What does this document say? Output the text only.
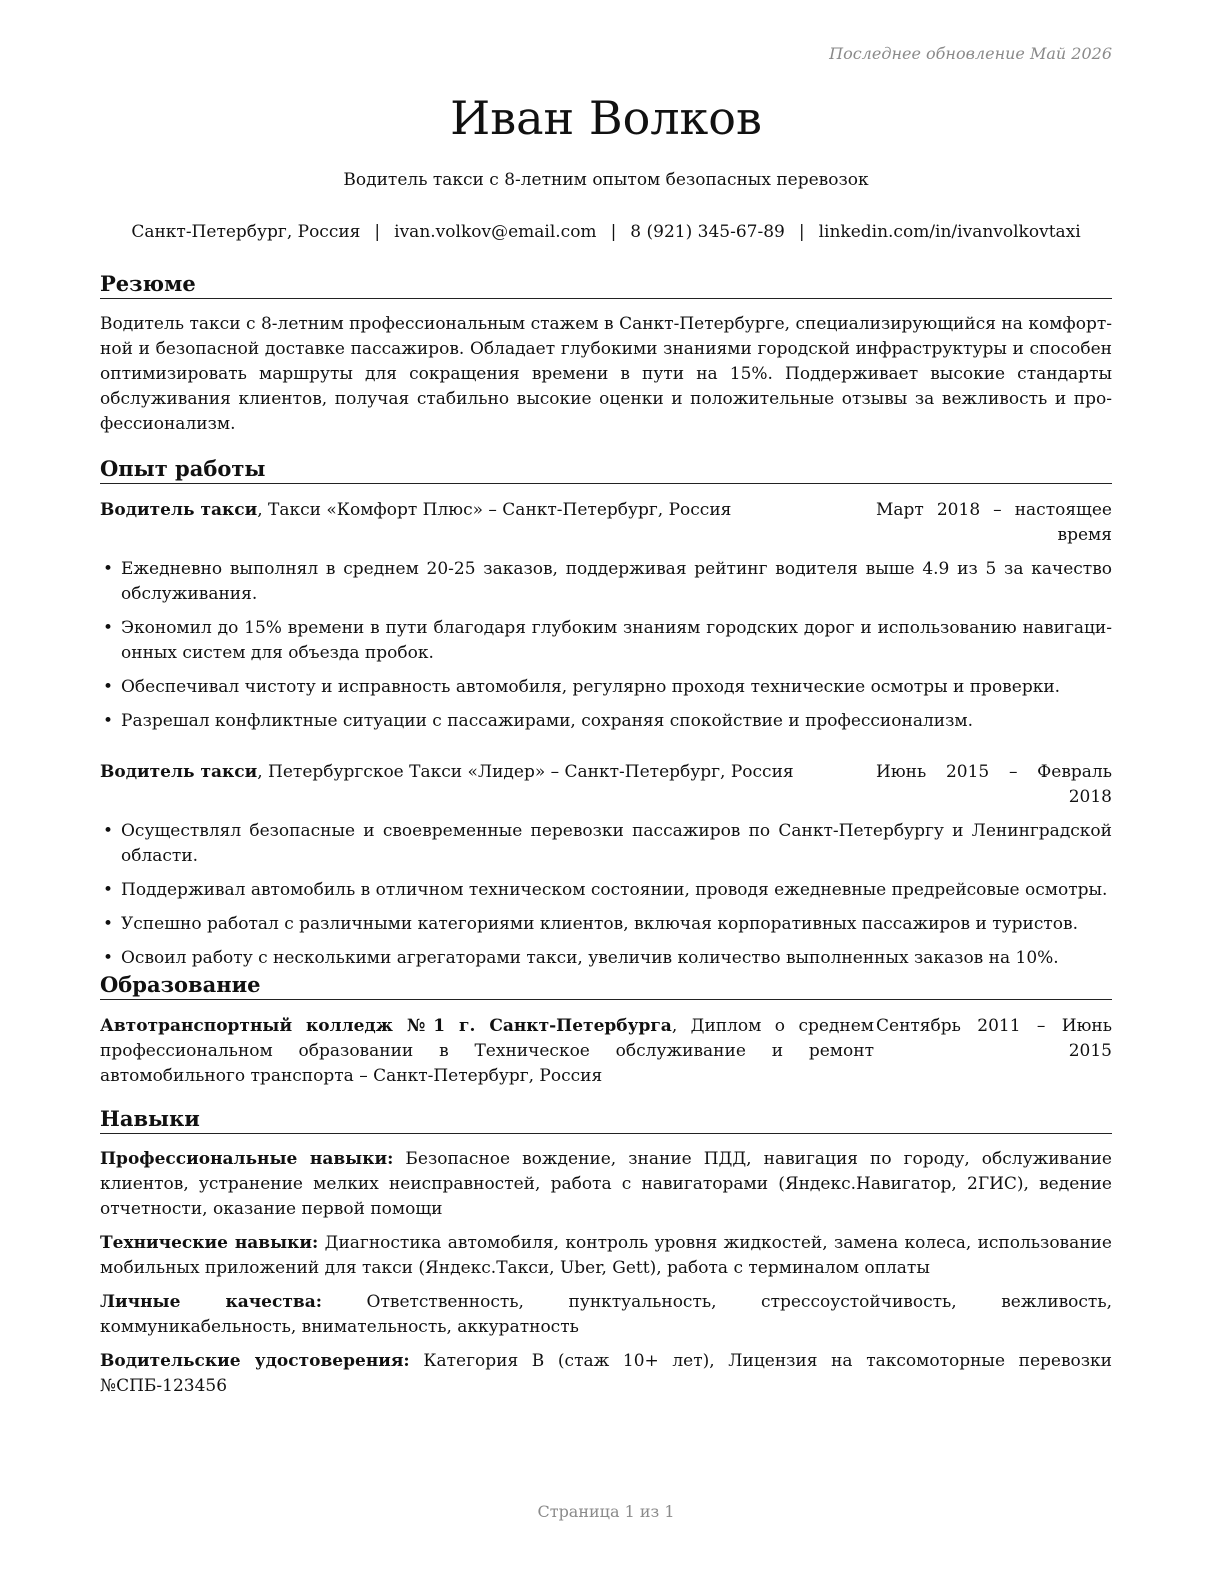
Последнее обновление Май 2026
Иван Волков
Водитель такси с 8-летним опытом безопасных перевозок
Санкт-Петербург, Россия | ivan.volkov@email.com | 8 (921) 345-67-89 | linkedin.com/in/ivanvolkovtaxi
Резюме

Водитель такси с 8-летним профессиональным стажем в Санкт-Петербурге, специализирующийся на комфортной и безопасной доставке пассажиров. Обладает глубокими знаниями городской инфраструктуры и способен оптимизировать маршруты для сокращения времени в пути на 15%. Поддерживает высокие стандарты обслуживания клиентов, получая стабильно высокие оценки и положительные отзывы за вежливость и профессионализм.

Опыт работы
Водитель такси, Такси «Комфорт Плюс» – Санкт-Петербург, Россия	Март 2018 – настоящее время
• Ежедневно выполнял в среднем 20-25 заказов, поддерживая рейтинг водителя выше 4.9 из 5 за качество обслуживания.
• Экономил до 15% времени в пути благодаря глубоким знаниям городских дорог и использованию навигационных систем для объезда пробок.
• Обеспечивал чистоту и исправность автомобиля, регулярно проходя технические осмотры и проверки.
• Разрешал конфликтные ситуации с пассажирами, сохраняя спокойствие и профессионализм.
Водитель такси, Петербургское Такси «Лидер» – Санкт-Петербург, Россия	Июнь 2015 – Февраль 2018
• Осуществлял безопасные и своевременные перевозки пассажиров по Санкт-Петербургу и Ленинградской области.
• Поддерживал автомобиль в отличном техническом состоянии, проводя ежедневные предрейсовые осмотры.
• Успешно работал с различными категориями клиентов, включая корпоративных пассажиров и туристов.
• Освоил работу с несколькими агрегаторами такси, увеличив количество выполненных заказов на 10%.
Образование
Автотранспортный колледж №1 г. Санкт-Петербурга, Диплом о среднем профессиональном образовании в Техническое обслуживание и ремонт автомобильного транспорта – Санкт-Петербург, Россия
Сентябрь 2011 – Июнь 2015
Навыки
Профессиональные навыки: Безопасное вождение, знание ПДД, навигация по городу, обслуживание клиентов, устранение мелких неисправностей, работа с навигаторами (Яндекс.Навигатор, 2ГИС), ведение отчетности, оказание первой помощи
Технические навыки: Диагностика автомобиля, контроль уровня жидкостей, замена колеса, использование мобильных приложений для такси (Яндекс.Такси, Uber, Gett), работа с терминалом оплаты
Личные качества: Ответственность, пунктуальность, стрессоустойчивость, вежливость, коммуникабельность, внимательность, аккуратность
Водительские удостоверения: Категория B (стаж 10+ лет), Лицензия на таксомоторные перевозки №СПБ-123456
Страница 1 из 1
